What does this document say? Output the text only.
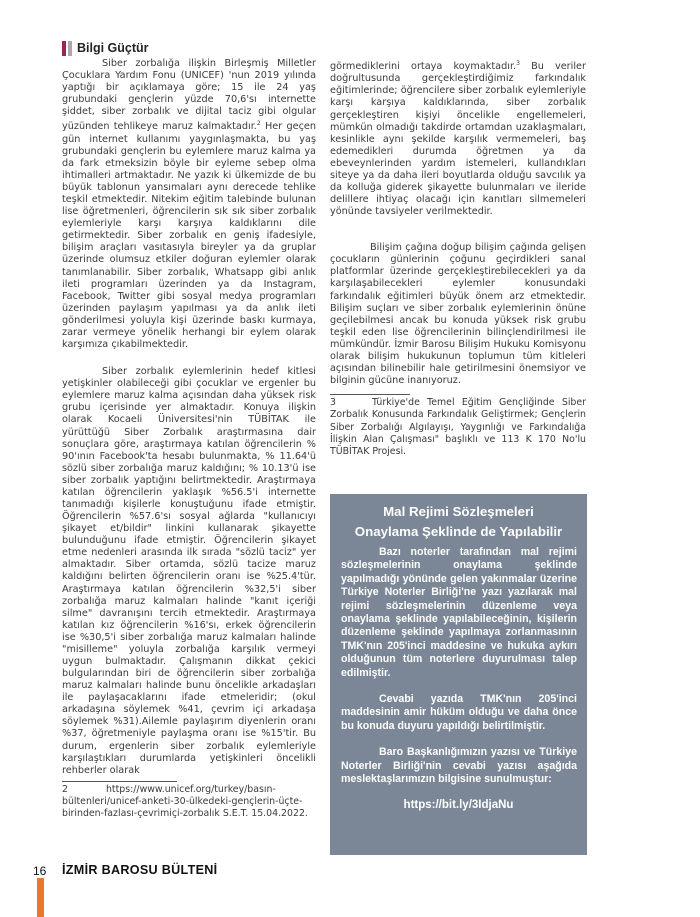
Bilgi Güçtür

Siber zorbalığa ilişkin Birleşmiş Milletler Çocuklara Yardım Fonu (UNICEF) 'nun 2019 yılında yaptığı bir açıklamaya göre; 15 ile 24 yaş grubundaki gençlerin yüzde 70,6'sı internette şiddet, siber zorbalık ve dijital taciz gibi olgular yüzünden tehlikeye maruz kalmaktadır.$^2$ Her geçen gün internet kullanımı yaygınlaşmakta, bu yaş grubundaki gençlerin bu eylemlere maruz kalma ya da fark etmeksizin böyle bir eyleme sebep olma ihtimalleri artmaktadır. Ne yazık ki ülkemizde de bu büyük tablonun yansımaları aynı derecede tehlike teşkil etmektedir. Nitekim eğitim talebinde bulunan lise öğretmenleri, öğrencilerin sık sık siber zorbalık eylemleriyle karşı karşıya kaldıklarını dile getirmektedir. Siber zorbalık en geniş ifadesiyle, bilişim araçları vasıtasıyla bireyler ya da gruplar üzerinde olumsuz etkiler doğuran eylemler olarak tanımlanabilir. Siber zorbalık, Whatsapp gibi anlık ileti programları üzerinden ya da Instagram, Facebook, Twitter gibi sosyal medya programları üzerinden paylaşım yapılması ya da anlık ileti gönderilmesi yoluyla kişi üzerinde baskı kurmaya, zarar vermeye yönelik herhangi bir eylem olarak karşımıza çıkabilmektedir.

Siber zorbalık eylemlerinin hedef kitlesi yetişkinler olabileceği gibi çocuklar ve ergenler bu eylemlere maruz kalma açısından daha yüksek risk grubu içerisinde yer almaktadır. Konuya ilişkin olarak Kocaeli Üniversitesi'nin TÜBİTAK ile yürüttüğü Siber Zorbalık araştırmasına dair sonuçlara göre, araştırmaya katılan öğrencilerin % 90'ının Facebook'ta hesabı bulunmakta, % 11.64'ü sözlü siber zorbalığa maruz kaldığını; % 10.13'ü ise siber zorbalık yaptığını belirtmektedir. Araştırmaya katılan öğrencilerin yaklaşık %56.5'i internette tanımadığı kişilerle konuştuğunu ifade etmiştir. Öğrencilerin %57.6'sı sosyal ağlarda "kullanıcıyı şikayet et/bildir" linkini kullanarak şikayette bulunduğunu ifade etmiştir. Öğrencilerin şikayet etme nedenleri arasında ilk sırada "sözlü taciz" yer almaktadır. Siber ortamda, sözlü tacize maruz kaldığını belirten öğrencilerin oranı ise %25.4'tür. Araştırmaya katılan öğrencilerin %32,5'i siber zorbalığa maruz kalmaları halinde "kanıt içeriği silme" davranışını tercih etmektedir. Araştırmaya katılan kız öğrencilerin %16'sı, erkek öğrencilerin ise %30,5'i siber zorbalığa maruz kalmaları halinde "misilleme" yoluyla zorbalığa karşılık vermeyi uygun bulmaktadır. Çalışmanın dikkat çekici bulgularından biri de öğrencilerin siber zorbalığa maruz kalmaları halinde bunu öncelikle arkadaşları ile paylaşacaklarını ifade etmeleridir; (okul arkadaşına söylemek %41, çevrim içi arkadaşa söylemek %31).Ailemle paylaşırım diyenlerin oranı %37, öğretmeniyle paylaşma oranı ise %15'tir. Bu durum, ergenlerin siber zorbalık eylemleriyle karşılaştıkları durumlarda yetişkinleri öncelikli rehberler olarak

2	https://www.unicef.org/turkey/basın-bültenleri/unicef-anketi-30-ülkedeki-gençlerin-üçte-birinden-fazlası-çevrimiçi-zorbalık S.E.T. 15.04.2022.

görmediklerini ortaya koymaktadır.$^3$ Bu veriler doğrultusunda gerçekleştirdiğimiz farkındalık eğitimlerinde; öğrencilere siber zorbalık eylemleriyle karşı karşıya kaldıklarında, siber zorbalık gerçekleştiren kişiyi öncelikle engellemeleri, mümkün olmadığı takdirde ortamdan uzaklaşmaları, kesinlikle aynı şekilde karşılık vermemeleri, baş edemedikleri durumda öğretmen ya da ebeveynlerinden yardım istemeleri, kullandıkları siteye ya da daha ileri boyutlarda olduğu savcılık ya da kolluğa giderek şikayette bulunmaları ve ileride delillere ihtiyaç olacağı için kanıtları silmemeleri yönünde tavsiyeler verilmektedir.

Bilişim çağına doğup bilişim çağında gelişen çocukların günlerinin çoğunu geçirdikleri sanal platformlar üzerinde gerçekleştirebilecekleri ya da karşılaşabilecekleri eylemler konusundaki farkındalık eğitimleri büyük önem arz etmektedir. Bilişim suçları ve siber zorbalık eylemlerinin önüne geçilebilmesi ancak bu konuda yüksek risk grubu teşkil eden lise öğrencilerinin bilinçlendirilmesi ile mümkündür. İzmir Barosu Bilişim Hukuku Komisyonu olarak bilişim hukukunun toplumun tüm kitleleri açısından bilinebilir hale getirilmesini önemsiyor ve bilginin gücüne inanıyoruz.

3	Türkiye'de Temel Eğitim Gençliğinde Siber Zorbalık Konusunda Farkındalık Geliştirmek; Gençlerin Siber Zorbalığı Algılayışı, Yaygınlığı ve Farkındalığa İlişkin Alan Çalışması" başlıklı ve 113 K 170 No'lu TÜBİTAK Projesi.

Mal Rejimi Sözleşmeleri
Onaylama Şeklinde de Yapılabilir

Bazı noterler tarafından mal rejimi sözleşmelerinin onaylama şeklinde yapılmadığı yönünde gelen yakınmalar üzerine Türkiye Noterler Birliği'ne yazı yazılarak mal rejimi sözleşmelerinin düzenleme veya onaylama şeklinde yapılabileceğinin, kişilerin düzenleme şeklinde yapılmaya zorlanmasının TMK'nın 205'inci maddesine ve hukuka aykırı olduğunun tüm noterlere duyurulması talep edilmiştir.

Cevabi yazıda TMK'nın 205'inci maddesinin amir hüküm olduğu ve daha önce bu konuda duyuru yapıldığı belirtilmiştir.

Baro Başkanlığımızın yazısı ve Türkiye Noterler Birliği'nin cevabi yazısı aşağıda meslektaşlarımızın bilgisine sunulmuştur:

https://bit.ly/3IdjaNu

16 İZMİR BAROSU BÜLTENİ
